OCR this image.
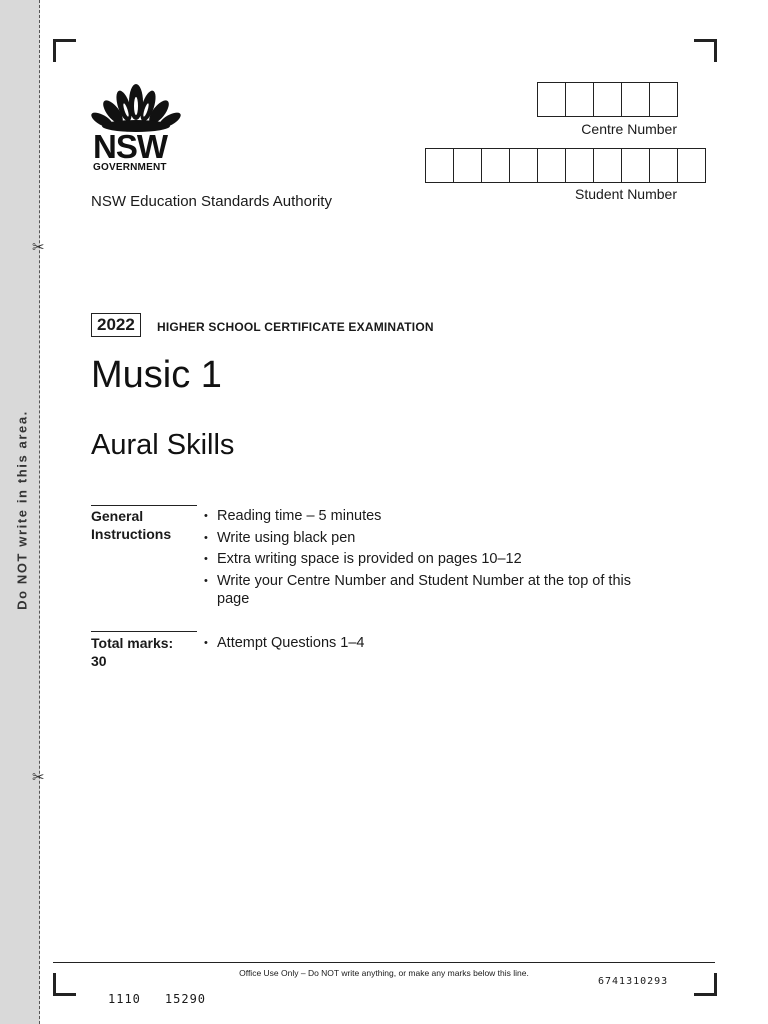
✂
✂
Do NOT write in this area.
NSW
GOVERNMENT
NSW Education Standards Authority
Centre Number
Student Number
2022	HIGHER SCHOOL CERTIFICATE EXAMINATION
Music 1
Aural Skills
General Instructions
• Reading time – 5 minutes
• Write using black pen
• Extra writing space is provided on pages 10–12
• Write your Centre Number and Student Number at the top of this page
Total marks: 30
• Attempt Questions 1–4
Office Use Only – Do NOT write anything, or make any marks below this line.
6741310293
1110 15290
